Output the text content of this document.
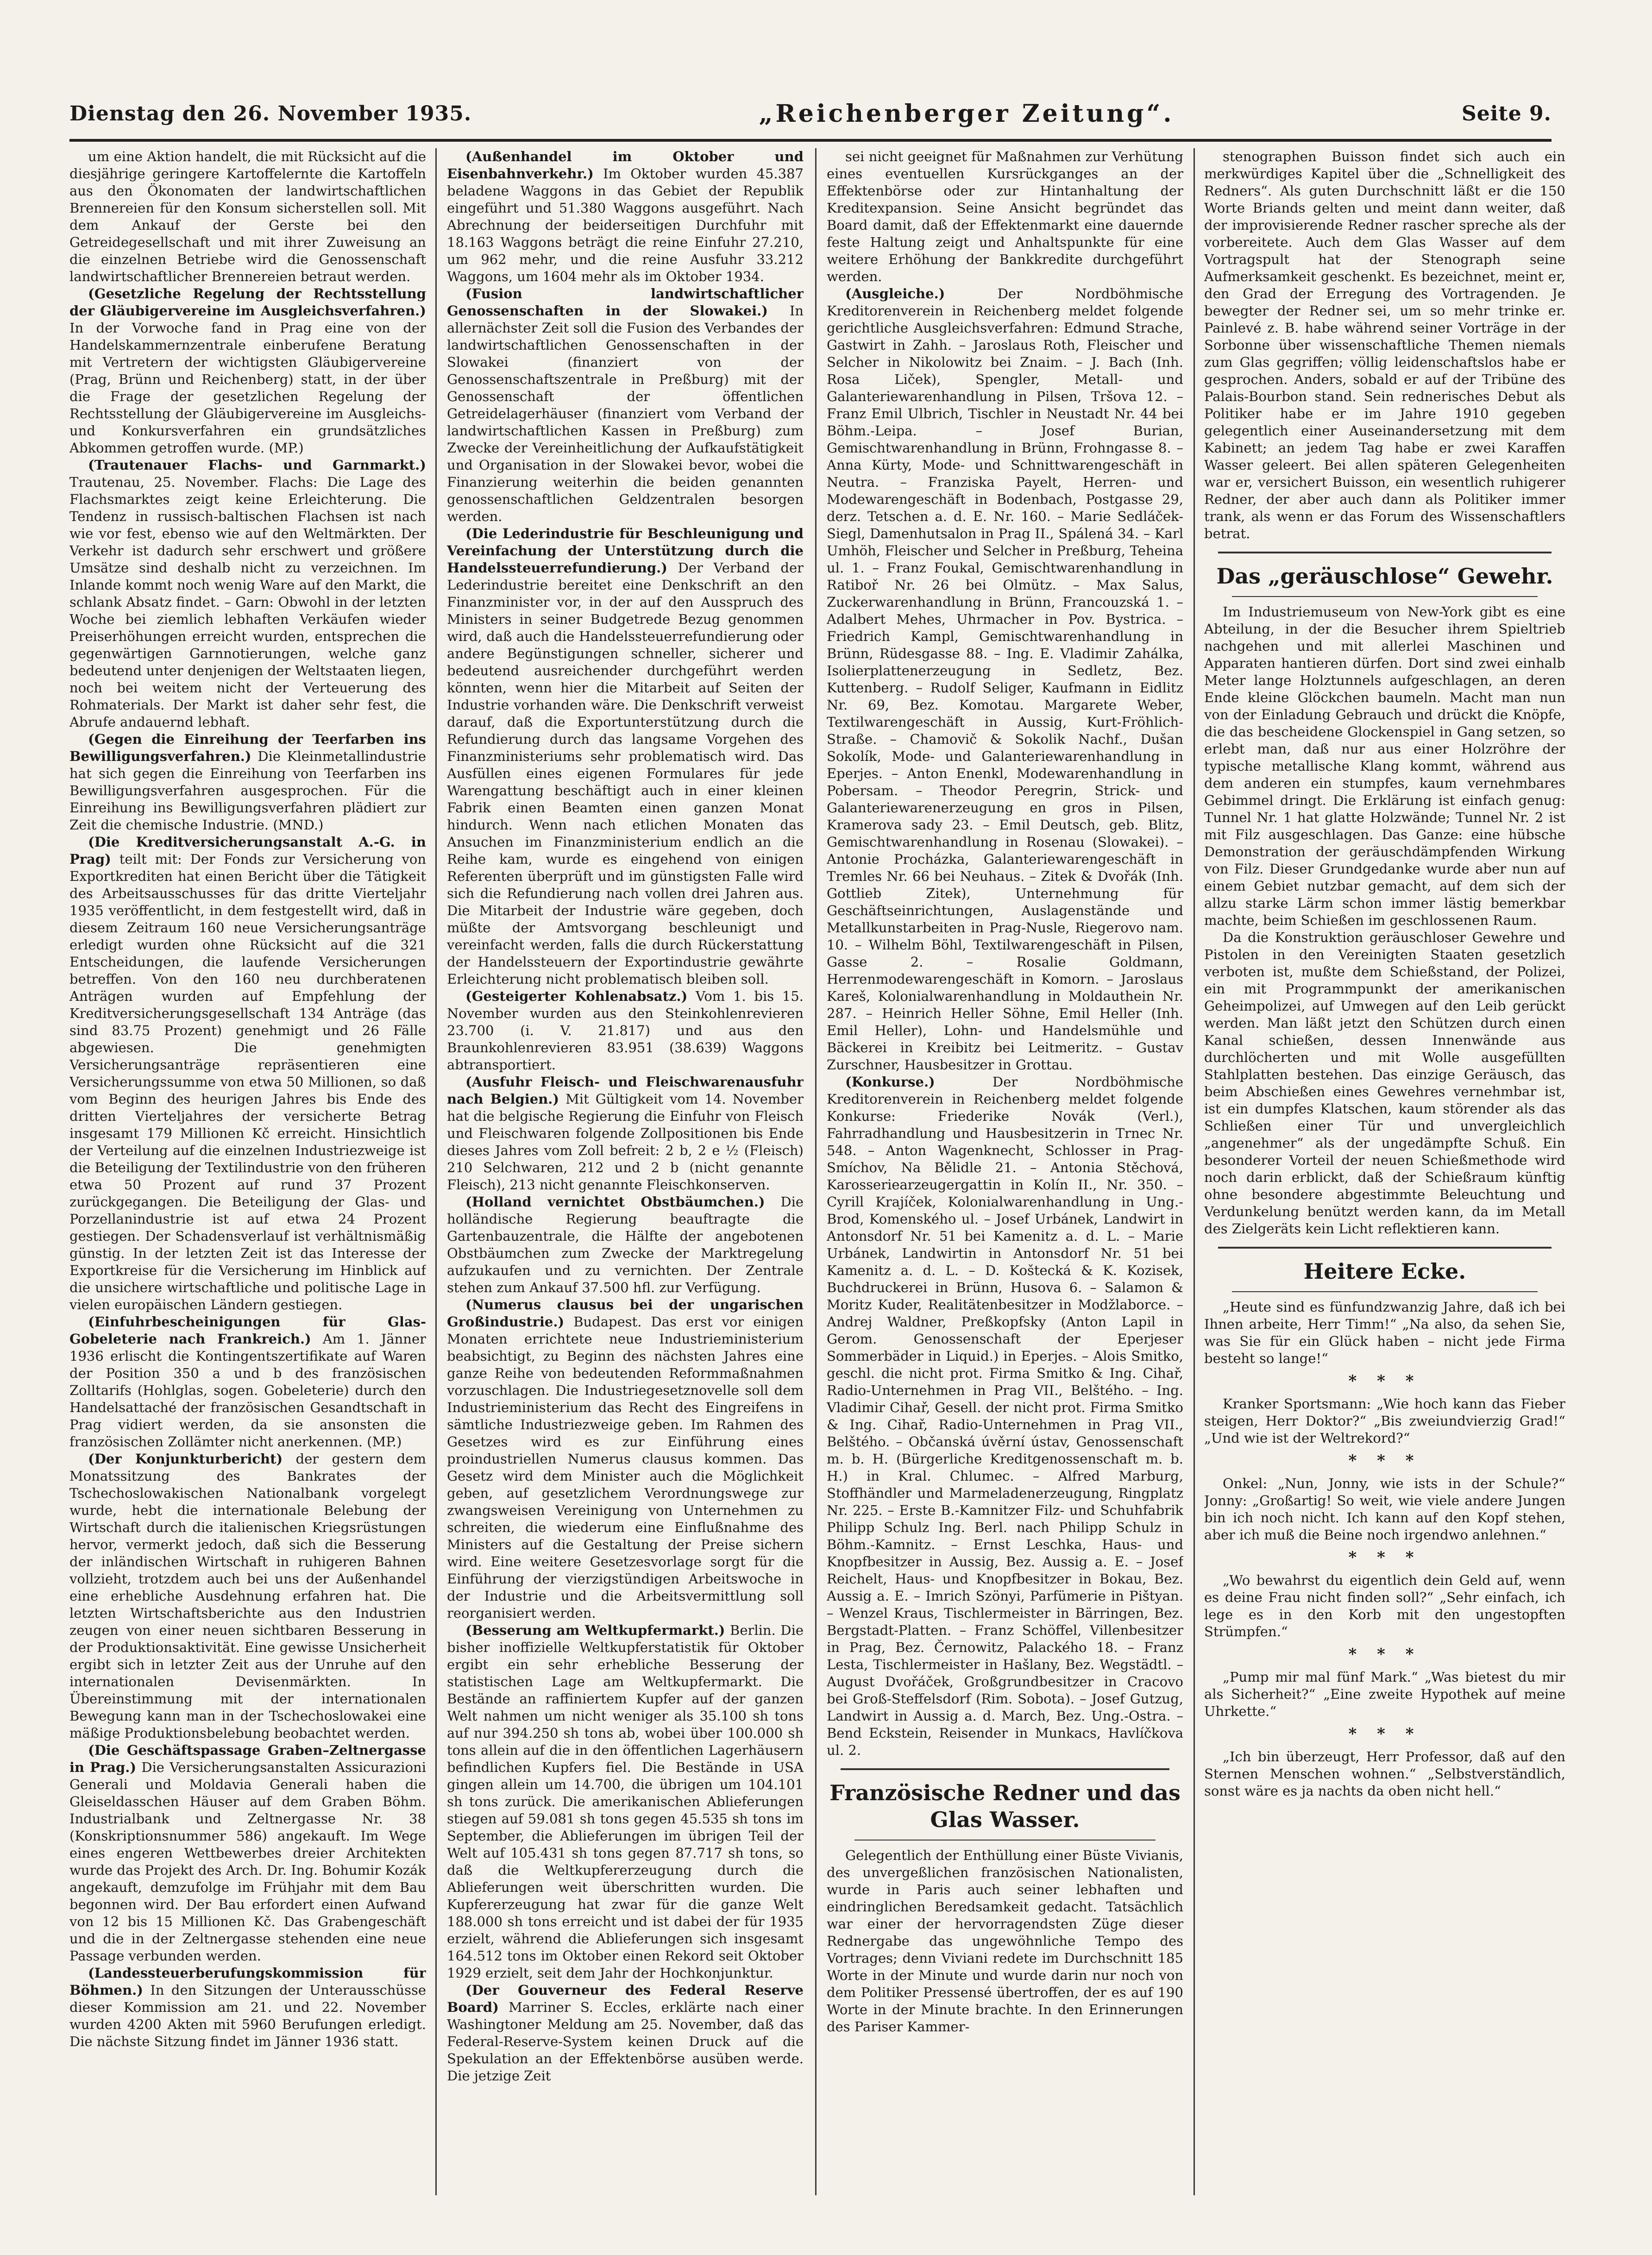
Dienstag den 26. November 1935.	„Reichenberger Zeitung“.	Seite 9.

um eine Aktion handelt, die mit Rücksicht auf die diesjährige geringere Kartoffelernte die Kartoffeln aus den Ökonomaten der landwirtschaftlichen Brennereien für den Konsum sicherstellen soll. Mit dem Ankauf der Gerste bei den Getreidegesellschaft und mit ihrer Zuweisung an die einzelnen Betriebe wird die Genossenschaft landwirtschaftlicher Brennereien betraut werden.

(Gesetzliche Regelung der Rechtsstellung der Gläubigervereine im Ausgleichsverfahren.) In der Vorwoche fand in Prag eine von der Handelskammernzentrale einberufene Beratung mit Vertretern der wichtigsten Gläubigervereine (Prag, Brünn und Reichenberg) statt, in der über die Frage der gesetzlichen Regelung der Rechtsstellung der Gläubigervereine im Ausgleichs- und Konkursverfahren ein grundsätzliches Abkommen getroffen wurde. (MP.)

(Trautenauer Flachs- und Garnmarkt.) Trautenau, 25. November. Flachs: Die Lage des Flachsmarktes zeigt keine Erleichterung. Die Tendenz in russisch-baltischen Flachsen ist nach wie vor fest, ebenso wie auf den Weltmärkten. Der Verkehr ist dadurch sehr erschwert und größere Umsätze sind deshalb nicht zu verzeichnen. Im Inlande kommt noch wenig Ware auf den Markt, die schlank Absatz findet. – Garn: Obwohl in der letzten Woche bei ziemlich lebhaften Verkäufen wieder Preiserhöhungen erreicht wurden, entsprechen die gegenwärtigen Garnnotierungen, welche ganz bedeutend unter denjenigen der Weltstaaten liegen, noch bei weitem nicht der Verteuerung des Rohmaterials. Der Markt ist daher sehr fest, die Abrufe andauernd lebhaft.

(Gegen die Einreihung der Teerfarben ins Bewilligungsverfahren.) Die Kleinmetallindustrie hat sich gegen die Einreihung von Teerfarben ins Bewilligungsverfahren ausgesprochen. Für die Einreihung ins Bewilligungsverfahren plädiert zur Zeit die chemische Industrie. (MND.)

(Die Kreditversicherungsanstalt A.-G. in Prag) teilt mit: Der Fonds zur Versicherung von Exportkrediten hat einen Bericht über die Tätigkeit des Arbeitsausschusses für das dritte Vierteljahr 1935 veröffentlicht, in dem festgestellt wird, daß in diesem Zeitraum 160 neue Versicherungsanträge erledigt wurden ohne Rücksicht auf die 321 Entscheidungen, die laufende Versicherungen betreffen. Von den 160 neu durchberatenen Anträgen wurden auf Empfehlung der Kreditversicherungsgesellschaft 134 Anträge (das sind 83.75 Prozent) genehmigt und 26 Fälle abgewiesen. Die genehmigten Versicherungsanträge repräsentieren eine Versicherungssumme von etwa 50 Millionen, so daß vom Beginn des heurigen Jahres bis Ende des dritten Vierteljahres der versicherte Betrag insgesamt 179 Millionen Kč erreicht. Hinsichtlich der Verteilung auf die einzelnen Industriezweige ist die Beteiligung der Textilindustrie von den früheren etwa 50 Prozent auf rund 37 Prozent zurückgegangen. Die Beteiligung der Glas- und Porzellanindustrie ist auf etwa 24 Prozent gestiegen. Der Schadensverlauf ist verhältnismäßig günstig. In der letzten Zeit ist das Interesse der Exportkreise für die Versicherung im Hinblick auf die unsichere wirtschaftliche und politische Lage in vielen europäischen Ländern gestiegen.

(Einfuhrbescheinigungen für Glas-Gobeleterie nach Frankreich.) Am 1. Jänner 1936 erlischt die Kontingentszertifikate auf Waren der Position 350 a und b des französischen Zolltarifs (Hohlglas, sogen. Gobeleterie) durch den Handelsattaché der französischen Gesandtschaft in Prag vidiert werden, da sie ansonsten die französischen Zollämter nicht anerkennen. (MP.)

(Der Konjunkturbericht) der gestern dem Monatssitzung des Bankrates der Tschechoslowakischen Nationalbank vorgelegt wurde, hebt die internationale Belebung der Wirtschaft durch die italienischen Kriegsrüstungen hervor, vermerkt jedoch, daß sich die Besserung der inländischen Wirtschaft in ruhigeren Bahnen vollzieht, trotzdem auch bei uns der Außenhandel eine erhebliche Ausdehnung erfahren hat. Die letzten Wirtschaftsberichte aus den Industrien zeugen von einer neuen sichtbaren Besserung in der Produktionsaktivität. Eine gewisse Unsicherheit ergibt sich in letzter Zeit aus der Unruhe auf den internationalen Devisenmärkten. In Übereinstimmung mit der internationalen Bewegung kann man in der Tschechoslowakei eine mäßige Produktionsbelebung beobachtet werden.

(Die Geschäftspassage Graben–Zeltnergasse in Prag.) Die Versicherungsanstalten Assicurazioni Generali und Moldavia Generali haben die Gleiseldasschen Häuser auf dem Graben Böhm. Industrialbank und Zeltnergasse Nr. 38 (Konskriptionsnummer 586) angekauft. Im Wege eines engeren Wettbewerbes dreier Architekten wurde das Projekt des Arch. Dr. Ing. Bohumir Kozák angekauft, demzufolge im Frühjahr mit dem Bau begonnen wird. Der Bau erfordert einen Aufwand von 12 bis 15 Millionen Kč. Das Grabengeschäft und die in der Zeltnergasse stehenden eine neue Passage verbunden werden.

(Landessteuerberufungskommission für Böhmen.) In den Sitzungen der Unterausschüsse dieser Kommission am 21. und 22. November wurden 4200 Akten mit 5960 Berufungen erledigt. Die nächste Sitzung findet im Jänner 1936 statt.

(Außenhandel im Oktober und Eisenbahnverkehr.) Im Oktober wurden 45.387 beladene Waggons in das Gebiet der Republik eingeführt und 51.380 Waggons ausgeführt. Nach Abrechnung der beiderseitigen Durchfuhr mit 18.163 Waggons beträgt die reine Einfuhr 27.210, um 962 mehr, und die reine Ausfuhr 33.212 Waggons, um 1604 mehr als im Oktober 1934.

(Fusion landwirtschaftlicher Genossenschaften in der Slowakei.) In allernächster Zeit soll die Fusion des Verbandes der landwirtschaftlichen Genossenschaften in der Slowakei (finanziert von der Genossenschaftszentrale in Preßburg) mit der Genossenschaft der öffentlichen Getreidelagerhäuser (finanziert vom Verband der landwirtschaftlichen Kassen in Preßburg) zum Zwecke der Vereinheitlichung der Aufkaufstätigkeit und Organisation in der Slowakei bevor, wobei die Finanzierung weiterhin die beiden genannten genossenschaftlichen Geldzentralen besorgen werden.

(Die Lederindustrie für Beschleunigung und Vereinfachung der Unterstützung durch die Handelssteuerrefundierung.) Der Verband der Lederindustrie bereitet eine Denkschrift an den Finanzminister vor, in der auf den Ausspruch des Ministers in seiner Budgetrede Bezug genommen wird, daß auch die Handelssteuerrefundierung oder andere Begünstigungen schneller, sicherer und bedeutend ausreichender durchgeführt werden könnten, wenn hier die Mitarbeit auf Seiten der Industrie vorhanden wäre. Die Denkschrift verweist darauf, daß die Exportunterstützung durch die Refundierung durch das langsame Vorgehen des Finanzministeriums sehr problematisch wird. Das Ausfüllen eines eigenen Formulares für jede Warengattung beschäftigt auch in einer kleinen Fabrik einen Beamten einen ganzen Monat hindurch. Wenn nach etlichen Monaten das Ansuchen im Finanzministerium endlich an die Reihe kam, wurde es eingehend von einigen Referenten überprüft und im günstigsten Falle wird sich die Refundierung nach vollen drei Jahren aus. Die Mitarbeit der Industrie wäre gegeben, doch müßte der Amtsvorgang beschleunigt und vereinfacht werden, falls die durch Rückerstattung der Handelssteuern der Exportindustrie gewährte Erleichterung nicht problematisch bleiben soll.

(Gesteigerter Kohlenabsatz.) Vom 1. bis 15. November wurden aus den Steinkohlenrevieren 23.700 (i. V. 21.817) und aus den Braunkohlenrevieren 83.951 (38.639) Waggons abtransportiert.

(Ausfuhr Fleisch- und Fleischwarenausfuhr nach Belgien.) Mit Gültigkeit vom 14. November hat die belgische Regierung die Einfuhr von Fleisch und Fleischwaren folgende Zollpositionen bis Ende dieses Jahres vom Zoll befreit: 2 b, 2 e ½ (Fleisch) 210 Selchwaren, 212 und 2 b (nicht genannte Fleisch), 213 nicht genannte Fleischkonserven.

(Holland vernichtet Obstbäumchen.) Die holländische Regierung beauftragte die Gartenbauzentrale, die Hälfte der angebotenen Obstbäumchen zum Zwecke der Marktregelung aufzukaufen und zu vernichten. Der Zentrale stehen zum Ankauf 37.500 hfl. zur Verfügung.

(Numerus clausus bei der ungarischen Großindustrie.) Budapest. Das erst vor einigen Monaten errichtete neue Industrieministerium beabsichtigt, zu Beginn des nächsten Jahres eine ganze Reihe von bedeutenden Reformmaßnahmen vorzuschlagen. Die Industriegesetznovelle soll dem Industrieministerium das Recht des Eingreifens in sämtliche Industriezweige geben. Im Rahmen des Gesetzes wird es zur Einführung eines proindustriellen Numerus clausus kommen. Das Gesetz wird dem Minister auch die Möglichkeit geben, auf gesetzlichem Verordnungswege zur zwangsweisen Vereinigung von Unternehmen zu schreiten, die wiederum eine Einflußnahme des Ministers auf die Gestaltung der Preise sichern wird. Eine weitere Gesetzesvorlage sorgt für die Einführung der vierzigstündigen Arbeitswoche in der Industrie und die Arbeitsvermittlung soll reorganisiert werden.

(Besserung am Weltkupfermarkt.) Berlin. Die bisher inoffizielle Weltkupferstatistik für Oktober ergibt ein sehr erhebliche Besserung der statistischen Lage am Weltkupfermarkt. Die Bestände an raffiniertem Kupfer auf der ganzen Welt nahmen um nicht weniger als 35.100 sh tons auf nur 394.250 sh tons ab, wobei über 100.000 sh tons allein auf die in den öffentlichen Lagerhäusern befindlichen Kupfers fiel. Die Bestände in USA gingen allein um 14.700, die übrigen um 104.101 sh tons zurück. Die amerikanischen Ablieferungen stiegen auf 59.081 sh tons gegen 45.535 sh tons im September, die Ablieferungen im übrigen Teil der Welt auf 105.431 sh tons gegen 87.717 sh tons, so daß die Weltkupfererzeugung durch die Ablieferungen weit überschritten wurden. Die Kupfererzeugung hat zwar für die ganze Welt 188.000 sh tons erreicht und ist dabei der für 1935 erzielt, während die Ablieferungen sich insgesamt 164.512 tons im Oktober einen Rekord seit Oktober 1929 erzielt, seit dem Jahr der Hochkonjunktur.

(Der Gouverneur des Federal Reserve Board) Marriner S. Eccles, erklärte nach einer Washingtoner Meldung am 25. November, daß das Federal-Reserve-System keinen Druck auf die Spekulation an der Effektenbörse ausüben werde. Die jetzige Zeit

sei nicht geeignet für Maßnahmen zur Verhütung eines eventuellen Kursrückganges an der Effektenbörse oder zur Hintanhaltung der Kreditexpansion. Seine Ansicht begründet das Board damit, daß der Effektenmarkt eine dauernde feste Haltung zeigt und Anhaltspunkte für eine weitere Erhöhung der Bankkredite durchgeführt werden.

(Ausgleiche.)	Der Nordböhmische Kreditorenverein in Reichenberg meldet folgende gerichtliche Ausgleichsverfahren: Edmund Strache, Gastwirt in Zahh. – Jaroslaus Roth, Fleischer und Selcher in Nikolowitz bei Znaim. – J. Bach (Inh. Rosa Liček), Spengler, Metall- und Galanteriewarenhandlung in Pilsen, Tršova 12. – Franz Emil Ulbrich, Tischler in Neustadt Nr. 44 bei Böhm.-Leipa. – Josef Burian, Gemischtwarenhandlung in Brünn, Frohngasse 8. – Anna Kürty, Mode- und Schnittwarengeschäft in Neutra. – Franziska Payelt, Herren- und Modewarengeschäft in Bodenbach, Postgasse 29, derz. Tetschen a. d. E. Nr. 160. – Marie Sedláček-Siegl, Damenhutsalon in Prag II., Spálená 34. – Karl Umhöh, Fleischer und Selcher in Preßburg, Teheina ul. 1. – Franz Foukal, Gemischtwarenhandlung in Ratiboř Nr. 26 bei Olmütz. – Max Salus, Zuckerwarenhandlung in Brünn, Francouzská 1. – Adalbert Mehes, Uhrmacher in Pov. Bystrica. – Friedrich Kampl, Gemischtwarenhandlung in Brünn, Rüdesgasse 88. – Ing. E. Vladimir Zahálka, Isolierplattenerzeugung in Sedletz, Bez. Kuttenberg. – Rudolf Seliger, Kaufmann in Eidlitz Nr. 69, Bez. Komotau. Margarete Weber, Textilwarengeschäft in Aussig, Kurt-Fröhlich-Straße. – Chamovič & Sokolik Nachf., Dušan Sokolík, Mode- und Galanteriewarenhandlung in Eperjes. – Anton Enenkl, Modewarenhandlung in Pobersam. – Theodor Peregrin, Strick- und Galanteriewarenerzeugung en gros in Pilsen, Kramerova sady 23. – Emil Deutsch, geb. Blitz, Gemischtwarenhandlung in Rosenau (Slowakei). – Antonie Procházka, Galanteriewarengeschäft in Tremles Nr. 66 bei Neuhaus. – Zitek & Dvořák (Inh. Gottlieb Zitek), Unternehmung für Geschäftseinrichtungen, Auslagenstände und Metallkunstarbeiten in Prag-Nusle, Riegerovo nam. 10. – Wilhelm Böhl, Textilwarengeschäft in Pilsen, Gasse 2. – Rosalie Goldmann, Herrenmodewarengeschäft in Komorn. – Jaroslaus Kareš, Kolonialwarenhandlung in Moldauthein Nr. 287. – Heinrich Heller Söhne, Emil Heller (Inh. Emil Heller), Lohn- und Handelsmühle und Bäckerei in Kreibitz bei Leitmeritz. – Gustav Zurschner, Hausbesitzer in Grottau.

(Konkurse.)	Der Nordböhmische Kreditorenverein in Reichenberg meldet folgende Konkurse: Friederike Novák (Verl.), Fahrradhandlung und Hausbesitzerin in Trnec Nr. 548. – Anton Wagenknecht, Schlosser in Prag-Smíchov, Na Bělidle 21. – Antonia Stěchová, Karosseriearzeugergattin in Kolín II., Nr. 350. – Cyrill Krajíček, Kolonialwarenhandlung in Ung.-Brod, Komenského ul. – Josef Urbánek, Landwirt in Antonsdorf Nr. 51 bei Kamenitz a. d. L. – Marie Urbánek, Landwirtin in Antonsdorf Nr. 51 bei Kamenitz a. d. L. – D. Koštecká & K. Kozisek, Buchdruckerei in Brünn, Husova 6. – Salamon & Moritz Kuder, Realitätenbesitzer in Modžlaborce. – Andrej Waldner, Preßkopfsky (Anton Lapil in Gerom. Genossenschaft der Eperjeser Sommerbäder in Liquid.) in Eperjes. – Alois Smitko, geschl. die nicht prot. Firma Smitko & Ing. Cihař, Radio-Unternehmen in Prag VII., Belštého. – Ing. Vladimir Cihař, Gesell. der nicht prot. Firma Smitko & Ing. Cihař, Radio-Unternehmen in Prag VII., Belštého. – Občanská úvěrní ústav, Genossenschaft m. b. H. (Bürgerliche Kreditgenossenschaft m. b. H.) in Kral. Chlumec. – Alfred Marburg, Stoffhändler und Marmeladenerzeugung, Ringplatz Nr. 225. – Erste B.-Kamnitzer Filz- und Schuhfabrik Philipp Schulz Ing. Berl. nach Philipp Schulz in Böhm.-Kamnitz. – Ernst Leschka, Haus- und Knopfbesitzer in Aussig, Bez. Aussig a. E. – Josef Reichelt, Haus- und Knopfbesitzer in Bokau, Bez. Aussig a. E. – Imrich Szönyi, Parfümerie in Pištyan. – Wenzel Kraus, Tischlermeister in Bärringen, Bez. Bergstadt-Platten. – Franz Schöffel, Villenbesitzer in Prag, Bez. Černowitz, Palackého 18. – Franz Lesta, Tischlermeister in Hašlany, Bez. Wegstädtl. – August Dvořáček, Großgrundbesitzer in Cracovo bei Groß-Steffelsdorf (Rim. Sobota). – Josef Gutzug, Landwirt in Aussig a. d. March, Bez. Ung.-Ostra. – Bend Eckstein, Reisender in Munkacs, Havlíčkova ul. 2.

Französische Redner und das Glas Wasser.

Gelegentlich der Enthüllung einer Büste Vivianis, des unvergeßlichen französischen Nationalisten, wurde in Paris auch seiner lebhaften und eindringlichen Beredsamkeit gedacht. Tatsächlich war einer der hervorragendsten Züge dieser Rednergabe das ungewöhnliche Tempo des Vortrages; denn Viviani redete im Durchschnitt 185 Worte in der Minute und wurde darin nur noch von dem Politiker Pressensé übertroffen, der es auf 190 Worte in der Minute brachte. In den Erinnerungen des Pariser Kammer-

stenographen Buisson findet sich auch ein merkwürdiges Kapitel über die „Schnelligkeit des Redners“. Als guten Durchschnitt läßt er die 150 Worte Briands gelten und meint dann weiter, daß der improvisierende Redner rascher spreche als der vorbereitete. Auch dem Glas Wasser auf dem Vortragspult hat der Stenograph seine Aufmerksamkeit geschenkt. Es bezeichnet, meint er, den Grad der Erregung des Vortragenden. Je bewegter der Redner sei, um so mehr trinke er. Painlevé z. B. habe während seiner Vorträge in der Sorbonne über wissenschaftliche Themen niemals zum Glas gegriffen; völlig leidenschaftslos habe er gesprochen. Anders, sobald er auf der Tribüne des Palais-Bourbon stand. Sein rednerisches Debut als Politiker habe er im Jahre 1910 gegeben gelegentlich einer Auseinandersetzung mit dem Kabinett; an jedem Tag habe er zwei Karaffen Wasser geleert. Bei allen späteren Gelegenheiten war er, versichert Buisson, ein wesentlich ruhigerer Redner, der aber auch dann als Politiker immer trank, als wenn er das Forum des Wissenschaftlers betrat.

Das „geräuschlose“ Gewehr.

Im Industriemuseum von New-York gibt es eine Abteilung, in der die Besucher ihrem Spieltrieb nachgehen und mit allerlei Maschinen und Apparaten hantieren dürfen. Dort sind zwei einhalb Meter lange Holztunnels aufgeschlagen, an deren Ende kleine Glöckchen baumeln. Macht man nun von der Einladung Gebrauch und drückt die Knöpfe, die das bescheidene Glockenspiel in Gang setzen, so erlebt man, daß nur aus einer Holzröhre der typische metallische Klang kommt, während aus dem anderen ein stumpfes, kaum vernehmbares Gebimmel dringt. Die Erklärung ist einfach genug: Tunnel Nr. 1 hat glatte Holzwände; Tunnel Nr. 2 ist mit Filz ausgeschlagen. Das Ganze: eine hübsche Demonstration der geräuschdämpfenden Wirkung von Filz. Dieser Grundgedanke wurde aber nun auf einem Gebiet nutzbar gemacht, auf dem sich der allzu starke Lärm schon immer lästig bemerkbar machte, beim Schießen im geschlossenen Raum.

Da die Konstruktion geräuschloser Gewehre und Pistolen in den Vereinigten Staaten gesetzlich verboten ist, mußte dem Schießstand, der Polizei, ein mit Programmpunkt der amerikanischen Geheimpolizei, auf Umwegen auf den Leib gerückt werden. Man läßt jetzt den Schützen durch einen Kanal schießen, dessen Innenwände aus durchlöcherten und mit Wolle ausgefüllten Stahlplatten bestehen. Das einzige Geräusch, das beim Abschießen eines Gewehres vernehmbar ist, ist ein dumpfes Klatschen, kaum störender als das Schließen einer Tür und unvergleichlich „angenehmer“ als der ungedämpfte Schuß. Ein besonderer Vorteil der neuen Schießmethode wird noch darin erblickt, daß der Schießraum künftig ohne besondere abgestimmte Beleuchtung und Verdunkelung benützt werden kann, da im Metall des Zielgeräts kein Licht reflektieren kann.

Heitere Ecke.

„Heute sind es fünfundzwanzig Jahre, daß ich bei Ihnen arbeite, Herr Timm!“ „Na also, da sehen Sie, was Sie für ein Glück haben – nicht jede Firma besteht so lange!“

* * *

Kranker Sportsmann: „Wie hoch kann das Fieber steigen, Herr Doktor?“ „Bis zweiundvierzig Grad!“ „Und wie ist der Weltrekord?“

* * *

Onkel: „Nun, Jonny, wie ists in der Schule?“ Jonny: „Großartig! So weit, wie viele andere Jungen bin ich noch nicht. Ich kann auf den Kopf stehen, aber ich muß die Beine noch irgendwo anlehnen.“

* * *

„Wo bewahrst du eigentlich dein Geld auf, wenn es deine Frau nicht finden soll?“ „Sehr einfach, ich lege es in den Korb mit den ungestopften Strümpfen.“

* * *

„Pump mir mal fünf Mark.“ „Was bietest du mir als Sicherheit?“ „Eine zweite Hypothek auf meine Uhrkette.“

* * *

„Ich bin überzeugt, Herr Professor, daß auf den Sternen Menschen wohnen.“ „Selbstverständlich, sonst wäre es ja nachts da oben nicht hell.“
